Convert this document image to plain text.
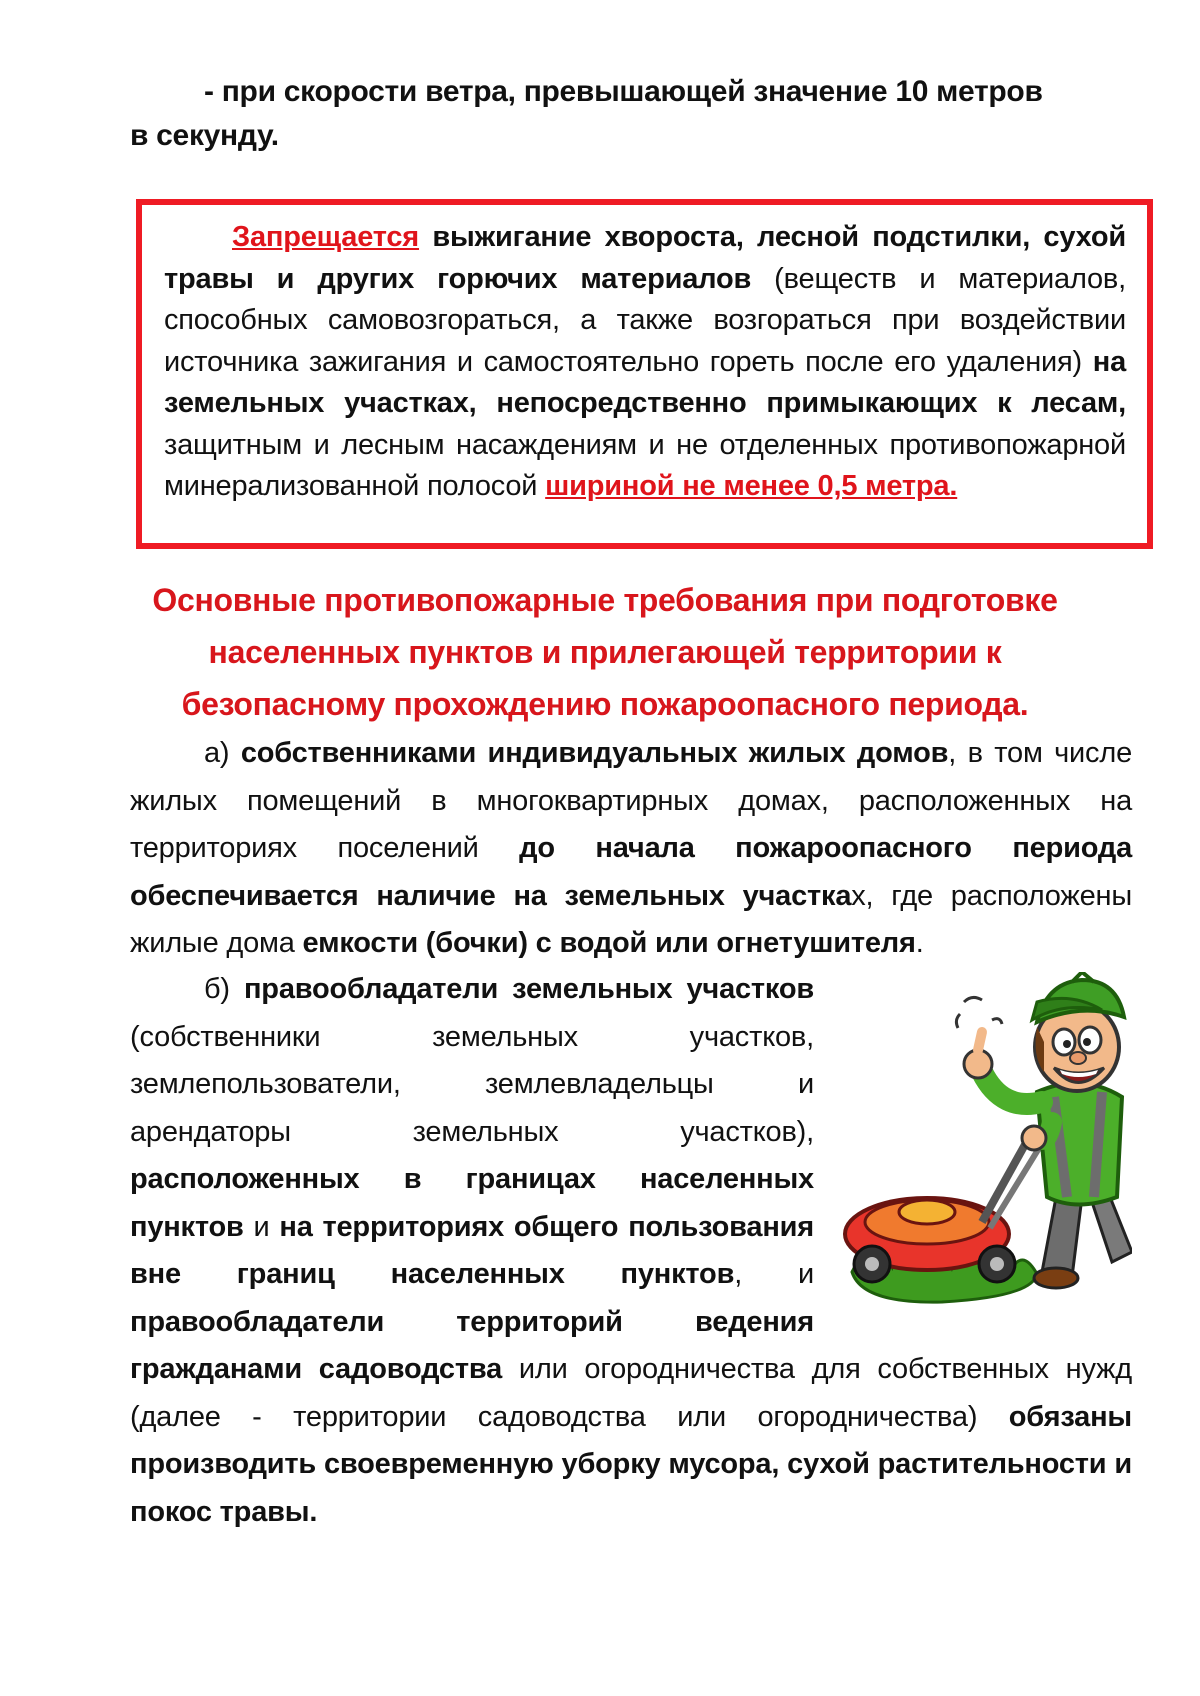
- при скорости ветра, превышающей значение 10 метров в секунду.

Запрещается выжигание хвороста, лесной подстилки, сухой травы и других горючих материалов (веществ и материалов, способных самовозгораться, а также возгораться при воздействии источника зажигания и самостоятельно гореть после его удаления) на земельных участках, непосредственно примыкающих к лесам, защитным и лесным насаждениям и не отделенных противопожарной минерализованной полосой шириной не менее 0,5 метра.

Основные противопожарные требования при подготовке населенных пунктов и прилегающей территории к безопасному прохождению пожароопасного периода.

а) собственниками индивидуальных жилых домов, в том числе жилых помещений в многоквартирных домах, расположенных на территориях поселений до начала пожароопасного периода обеспечивается наличие на земельных участках, где расположены жилые дома емкости (бочки) с водой или огнетушителя.

б) правообладатели земельных участков (собственники земельных участков, землепользователи, землевладельцы и арендаторы земельных участков), расположенных в границах населенных пунктов и на территориях общего пользования вне границ населенных пунктов, и правообладатели территорий ведения гражданами садоводства или огородничества для собственных нужд (далее - территории садоводства или огородничества) обязаны производить своевременную уборку мусора, сухой растительности и покос травы.
